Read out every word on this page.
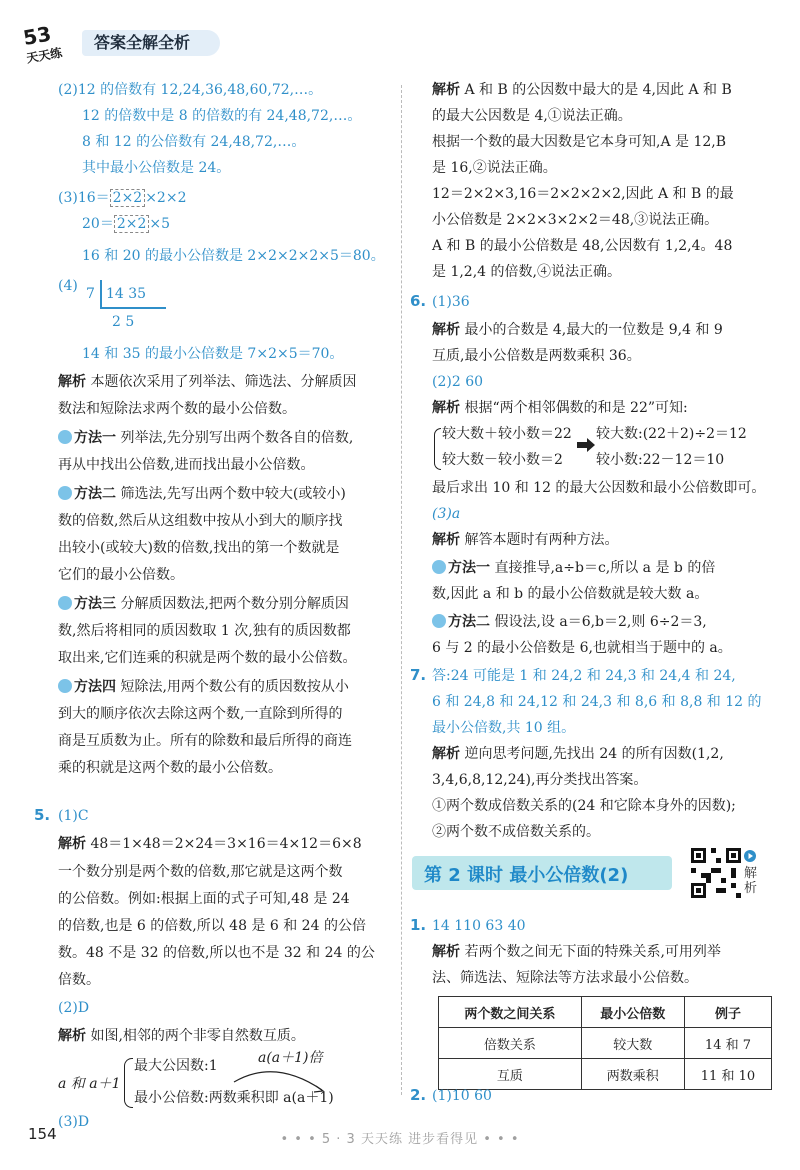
53
天天练
答案全解全析
(2)12 的倍数有 12,24,36,48,60,72,…。
12 的倍数中是 8 的倍数的有 24,48,72,…。
8 和 12 的公倍数有 24,48,72,…。
其中最小公倍数是 24。
(3)16＝ 2×2 ×2×2
20＝ 2×2 ×5
16 和 20 的最小公倍数是 2×2×2×2×5＝80。
(4) 7 14 35
2 5
14 和 35 的最小公倍数是 7×2×5＝70。
解析 本题依次采用了列举法、筛选法、分解质因
数法和短除法求两个数的最小公倍数。
方法一 列举法,先分别写出两个数各自的倍数,
再从中找出公倍数,进而找出最小公倍数。
方法二 筛选法,先写出两个数中较大(或较小)
数的倍数,然后从这组数中按从小到大的顺序找
出较小(或较大)数的倍数,找出的第一个数就是
它们的最小公倍数。
方法三 分解质因数法,把两个数分别分解质因
数,然后将相同的质因数取 1 次,独有的质因数都
取出来,它们连乘的积就是两个数的最小公倍数。
方法四 短除法,用两个数公有的质因数按从小
到大的顺序依次去除这两个数,一直除到所得的
商是互质数为止。所有的除数和最后所得的商连
乘的积就是这两个数的最小公倍数。
5. (1)C
解析 48＝1×48＝2×24＝3×16＝4×12＝6×8
一个数分别是两个数的倍数,那它就是这两个数
的公倍数。例如:根据上面的式子可知,48 是 24
的倍数,也是 6 的倍数,所以 48 是 6 和 24 的公倍
数。48 不是 32 的倍数,所以也不是 32 和 24 的公
倍数。
(2)D
解析 如图,相邻的两个非零自然数互质。
a 和 a＋1
最大公因数:1
最小公倍数:两数乘积即 a(a＋1)
a(a＋1)倍
(3)D
解析 A 和 B 的公因数中最大的是 4,因此 A 和 B
的最大公因数是 4,①说法正确。
根据一个数的最大因数是它本身可知,A 是 12,B
是 16,②说法正确。
12＝2×2×3,16＝2×2×2×2,因此 A 和 B 的最
小公倍数是 2×2×3×2×2＝48,③说法正确。
A 和 B 的最小公倍数是 48,公因数有 1,2,4。48
是 1,2,4 的倍数,④说法正确。
6. (1)36
解析 最小的合数是 4,最大的一位数是 9,4 和 9
互质,最小公倍数是两数乘积 36。
(2)2 60
解析 根据“两个相邻偶数的和是 22”可知:
较大数＋较小数＝22
较大数－较小数＝2
较大数:(22＋2)÷2＝12
较小数:22－12＝10
最后求出 10 和 12 的最大公因数和最小公倍数即可。
(3)a
解析 解答本题时有两种方法。
方法一 直接推导,a÷b＝c,所以 a 是 b 的倍
数,因此 a 和 b 的最小公倍数就是较大数 a。
方法二 假设法,设 a＝6,b＝2,则 6÷2＝3,
6 与 2 的最小公倍数是 6,也就相当于题中的 a。
7. 答:24 可能是 1 和 24,2 和 24,3 和 24,4 和 24,
6 和 24,8 和 24,12 和 24,3 和 8,6 和 8,8 和 12 的
最小公倍数,共 10 组。
解析 逆向思考问题,先找出 24 的所有因数(1,2,
3,4,6,8,12,24),再分类找出答案。
①两个数成倍数关系的(24 和它除本身外的因数);
②两个数不成倍数关系的。
第 2 课时 最小公倍数(2)	解析
1. 14 110 63 40
解析 若两个数之间无下面的特殊关系,可用列举
法、筛选法、短除法等方法求最小公倍数。
两个数之间关系	最小公倍数	例子
倍数关系	较大数	14 和 7
互质	两数乘积	11 和 10
2. (1)10 60
154	• • • 5 · 3 天天练 进步看得见 • • •
